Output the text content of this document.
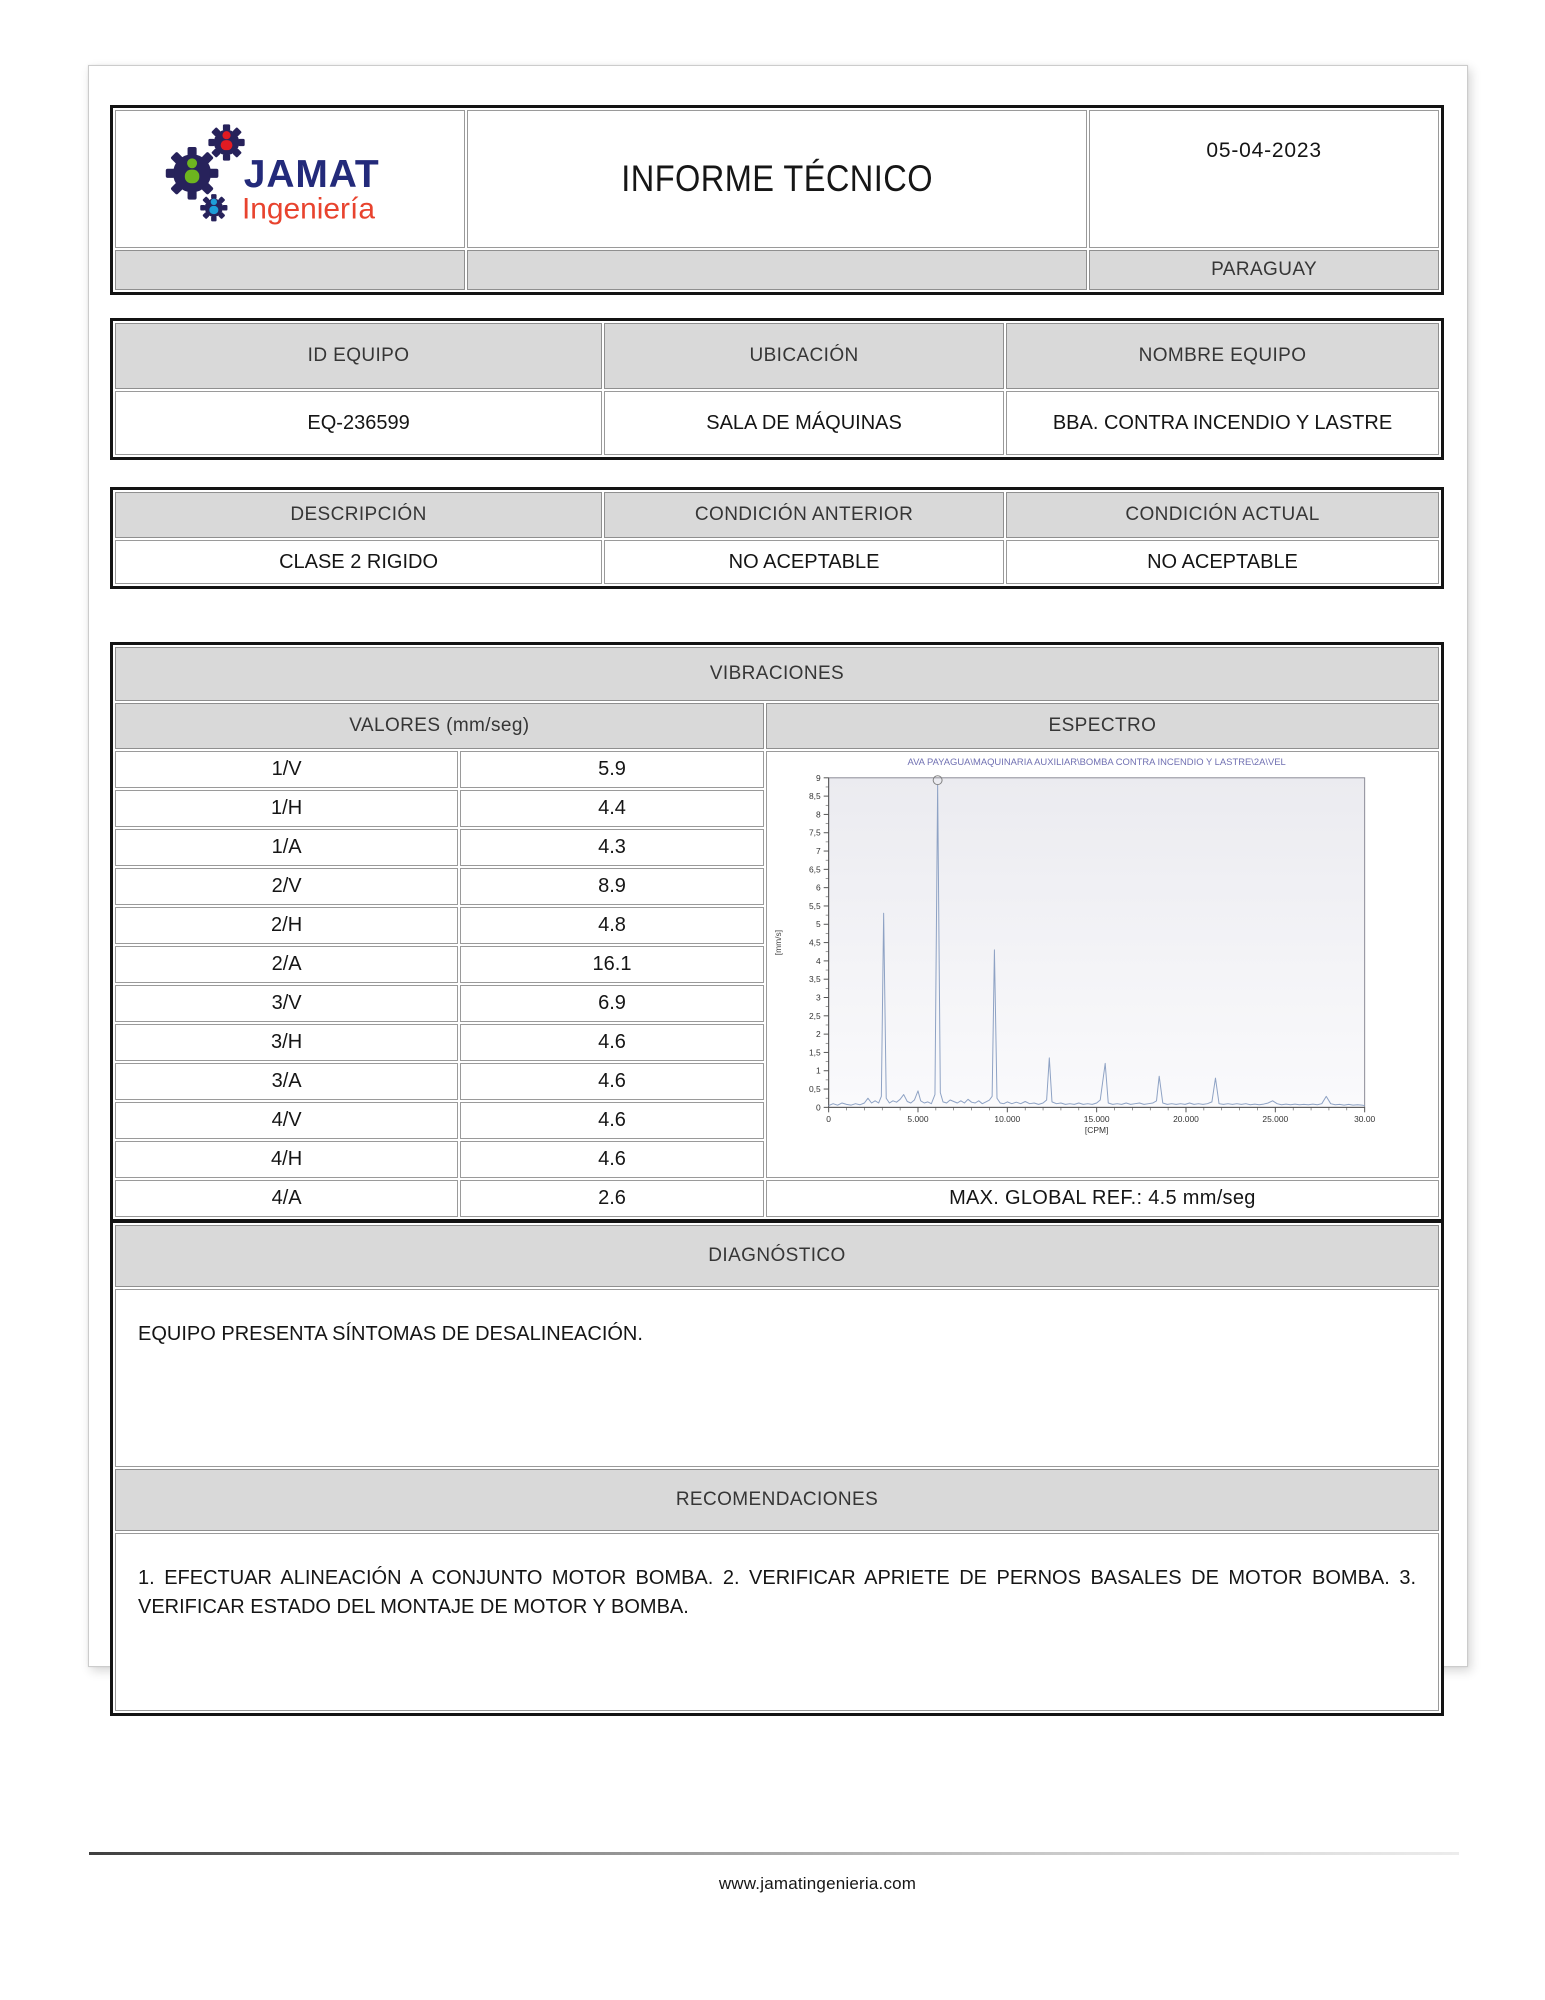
JAMAT
Ingeniería	INFORME TÉCNICO	05-04-2023

		PARAGUAY
ID EQUIPO	UBICACIÓN	NOMBRE EQUIPO
EQ-236599	SALA DE MÁQUINAS	BBA. CONTRA INCENDIO Y LASTRE
DESCRIPCIÓN	CONDICIÓN ANTERIOR	CONDICIÓN ACTUAL
CLASE 2 RIGIDO	NO ACEPTABLE	NO ACEPTABLE
VIBRACIONES		
VALORES (mm/seg)		ESPECTRO
1/V	5.9	AVA PAYAGUA\MAQUINARIA AUXILIAR\BOMBA CONTRA INCENDIO Y LASTRE\2A\VEL
[mm/s]
0
0,5
1
1,5
2
2,5
3
3,5
4
4,5
5
5,5
6
6,5
7
7,5
8
8,5
9
0	5.000	10.000	15.000	20.000	25.000	30.00
[CPM]

1/H	4.4	
1/A	4.3	
2/V	8.9	
2/H	4.8	
2/A	16.1	
3/V	6.9	
3/H	4.6	
3/A	4.6	
4/V	4.6	
4/H	4.6	
4/A	2.6	MAX. GLOBAL REF.: 4.5 mm/seg
DIAGNÓSTICO
EQUIPO PRESENTA SÍNTOMAS DE DESALINEACIÓN.
RECOMENDACIONES
1. EFECTUAR ALINEACIÓN A CONJUNTO MOTOR BOMBA. 2. VERIFICAR APRIETE DE PERNOS BASALES DE MOTOR BOMBA. 3. VERIFICAR ESTADO DEL MONTAJE DE MOTOR Y BOMBA.
www.jamatingenieria.com
